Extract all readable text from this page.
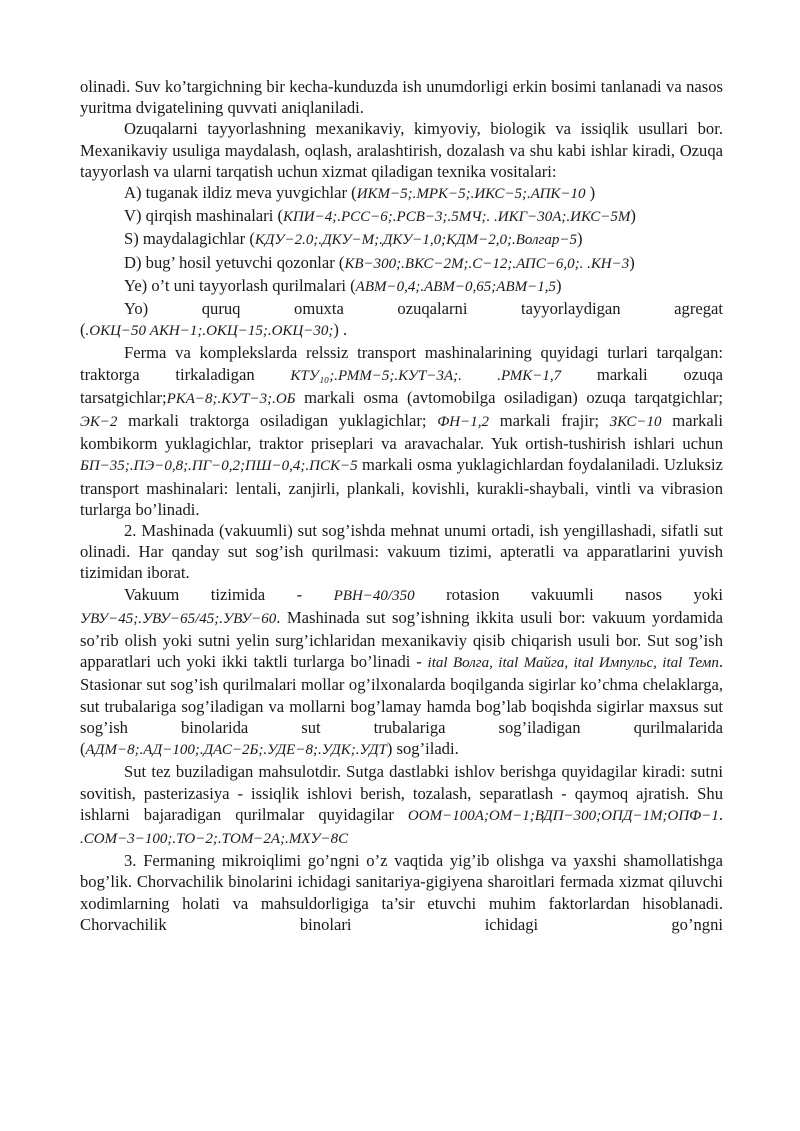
olinadi. Suv ko’targichning bir kecha-kunduzda ish unumdorligi erkin bosimi tanlanadi va nasos yuritma dvigatelining quvvati aniqlaniladi.

Ozuqalarni tayyorlashning mexanikaviy, kimyoviy, biologik va issiqlik usullari bor. Mexanikaviy usuliga maydalash, oqlash, aralashtirish, dozalash va shu kabi ishlar kiradi, Ozuqa tayyorlash va ularni tarqatish uchun xizmat qiladigan texnika vositalari:

A) tuganak ildiz meva yuvgichlar (ИКМ−5;.МРК−5;.ИКС−5;.АПК−10 )

V) qirqish mashinalari (КПИ−4;.РСС−6;.РСВ−3;.5МЧ;. .ИКГ−30А;.ИКС−5М)

S) maydalagichlar (КДУ−2.0;.ДКУ−М;.ДКУ−1,0;КДМ−2,0;.Волгар−5)

D) bug’ hosil yetuvchi qozonlar (КВ−300;.ВКС−2М;.С−12;.АПС−6,0;. .КН−3)

Ye) o’t uni tayyorlash qurilmalari (АВМ−0,4;.АВМ−0,65;АВМ−1,5)

Yo) quruq omuxta ozuqalarni tayyorlaydigan agregat (.ОКЦ−50 АКН−1;.ОКЦ−15;.ОКЦ−30;) .

Ferma va komplekslarda relssiz transport mashinalarining quyidagi turlari tarqalgan: traktorga tirkaladigan КТУ₁₀;.РММ−5;.КУТ−3А;. .РМК−1,7 markali ozuqa tarsatgichlar;РКА−8;.КУТ−3;.ОБ markali osma (avtomobilga osiladigan) ozuqa tarqatgichlar; ЭК−2 markali traktorga osiladigan yuklagichlar; ФН−1,2 markali frajir; ЗКС−10 markali kombikorm yuklagichlar, traktor priseplari va aravachalar. Yuk ortish-tushirish ishlari uchun БП−35;.ПЭ−0,8;.ПГ−0,2;ПШ−0,4;.ПСК−5 markali osma yuklagichlardan foydalaniladi. Uzluksiz transport mashinalari: lentali, zanjirli, plankali, kovishli, kurakli-shaybali, vintli va vibrasion turlarga bo’linadi.

2. Mashinada (vakuumli) sut sog’ishda mehnat unumi ortadi, ish yengillashadi, sifatli sut olinadi. Har qanday sut sog’ish qurilmasi: vakuum tizimi, apteratli va apparatlarini yuvish tizimidan iborat.

Vakuum tizimida - РВН−40/350 rotasion vakuumli nasos yoki УВУ−45;.УВУ−65/45;.УВУ−60. Mashinada sut sog’ishning ikkita usuli bor: vakuum yordamida so’rib olish yoki sutni yelin surg’ichlaridan mexanikaviy qisib chiqarish usuli bor. Sut sog’ish apparatlari uch yoki ikki taktli turlarga bo’linadi - ital Волга, ital Майга, ital Импульс, ital Темп. Stasionar sut sog’ish qurilmalari mollar og’ilxonalarda boqilganda sigirlar ko’chma chelaklarga, sut trubalariga sog’iladigan va mollarni bog’lamay hamda bog’lab boqishda sigirlar maxsus sut sog’ish binolarida sut trubalariga sog’iladigan qurilmalarida (АДМ−8;.АД−100;.ДАС−2Б;.УДЕ−8;.УДК;.УДТ) sog’iladi.

Sut tez buziladigan mahsulotdir. Sutga dastlabki ishlov berishga quyidagilar kiradi: sutni sovitish, pasterizasiya - issiqlik ishlovi berish, tozalash, separatlash - qaymoq ajratish. Shu ishlarni bajaradigan qurilmalar quyidagilar ООМ−100А;ОМ−1;ВДП−300;ОПД−1М;ОПФ−1.

.СОМ−3−100;.ТО−2;.ТОМ−2А;.МХУ−8С

3. Fermaning mikroiqlimi go’ngni o’z vaqtida yig’ib olishga va yaxshi shamollatishga bog’lik. Chorvachilik binolarini ichidagi sanitariya-gigiyena sharoitlari fermada xizmat qiluvchi xodimlarning holati va mahsuldorligiga ta’sir etuvchi muhim faktorlardan hisoblanadi. Chorvachilik binolari ichidagi go’ngni
